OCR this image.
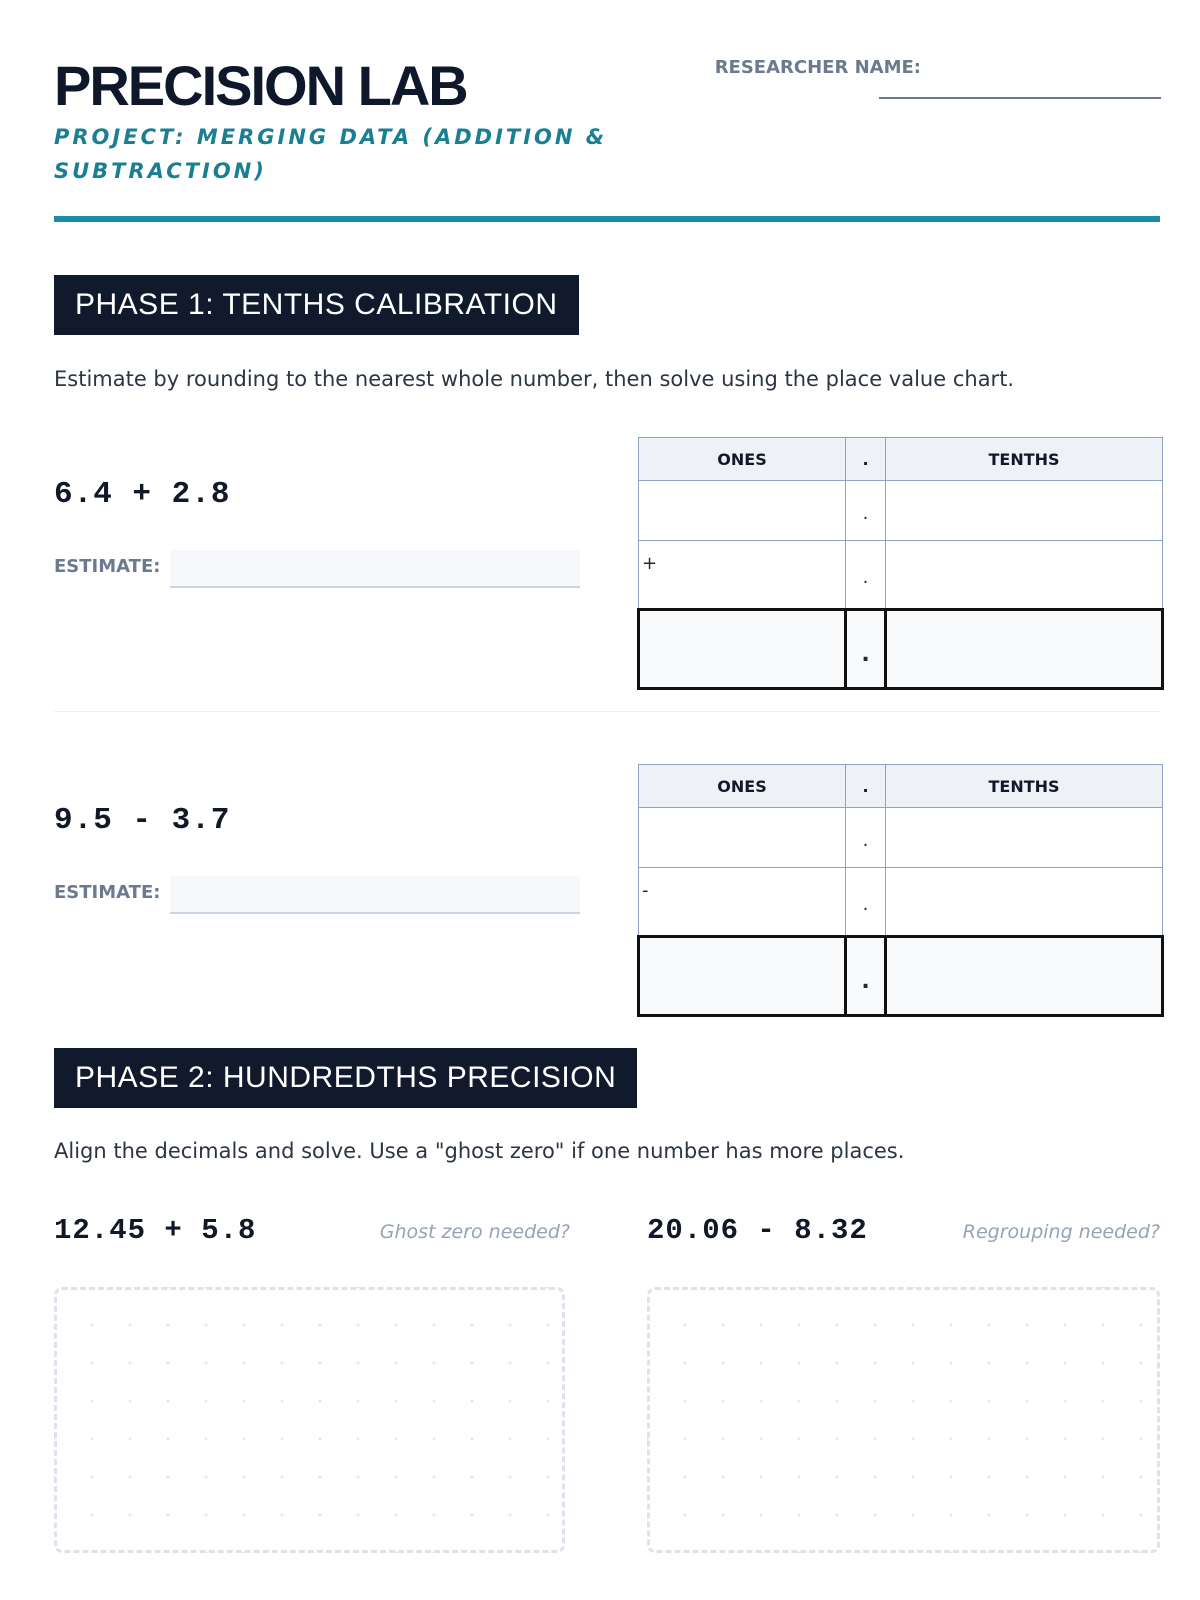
PRECISION LAB

PROJECT: MERGING DATA (ADDITION & SUBTRACTION)

RESEARCHER NAME:
PHASE 1: TENTHS CALIBRATION

Estimate by rounding to the nearest whole number, then solve using the place value chart.

6.4 + 2.8
ESTIMATE:
ONES	.	TENTHS
	.	
+	.	
	.	
9.5 - 3.7
ESTIMATE:
ONES	.	TENTHS
	.	
-	.	
	.	
PHASE 2: HUNDREDTHS PRECISION

Align the decimals and solve. Use a "ghost zero" if one number has more places.

12.45 + 5.8	Ghost zero needed?	20.06 - 8.32	Regrouping needed?
